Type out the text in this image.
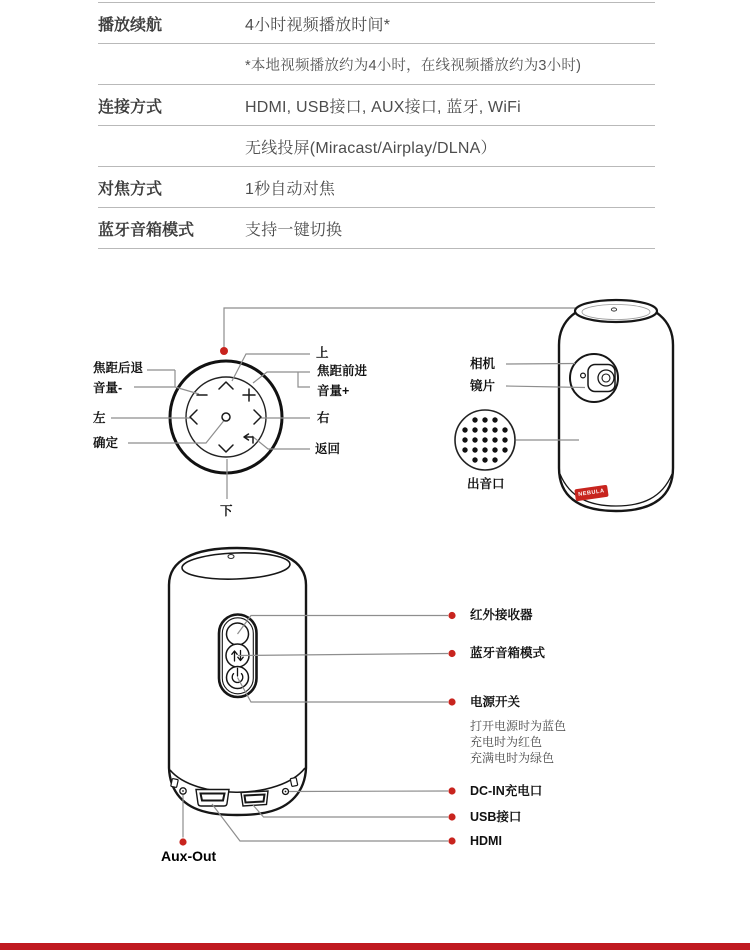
播放续航	4小时视频播放时间*
*本地视频播放约为4小时，在线视频播放约为3小时)
连接方式	HDMI, USB接口, AUX接口, 蓝牙, WiFi
无线投屏(Miracast/Airplay/DLNA）
对焦方式	1秒自动对焦
蓝牙音箱模式	支持一键切换
焦距后退
音量-
左
确定
上
焦距前进
音量+
右
返回
下
相机
镜片
出音口
NEBULA
红外接收器
蓝牙音箱模式
电源开关
打开电源时为蓝色
充电时为红色
充满电时为绿色
DC-IN充电口
USB接口
HDMI
Aux-Out
